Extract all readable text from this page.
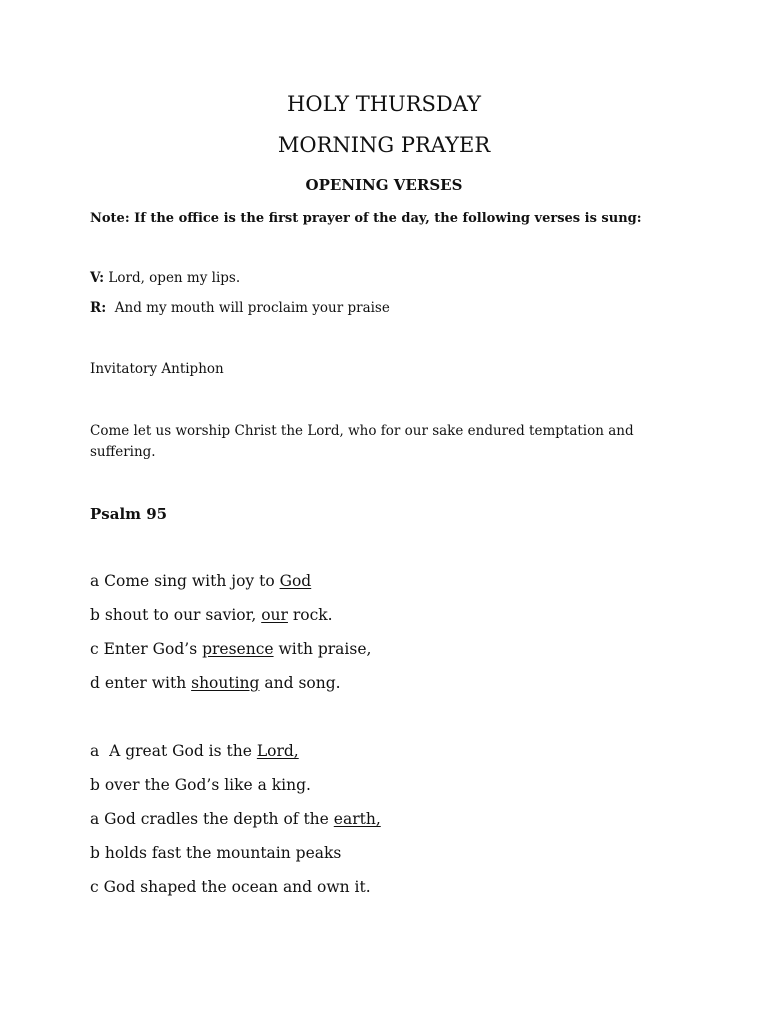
HOLY THURSDAY
MORNING PRAYER
OPENING VERSES
Note: If the office is the first prayer of the day, the following verses is sung:
V: Lord, open my lips.
R:  And my mouth will proclaim your praise
Invitatory Antiphon
Come let us worship Christ the Lord, who for our sake endured temptation and suffering.
Psalm 95
a Come sing with joy to God
b shout to our savior, our rock.
c Enter God’s presence with praise,
d enter with shouting and song.
a  A great God is the Lord,
b over the God’s like a king.
a God cradles the depth of the earth,
b holds fast the mountain peaks
c God shaped the ocean and own it.
